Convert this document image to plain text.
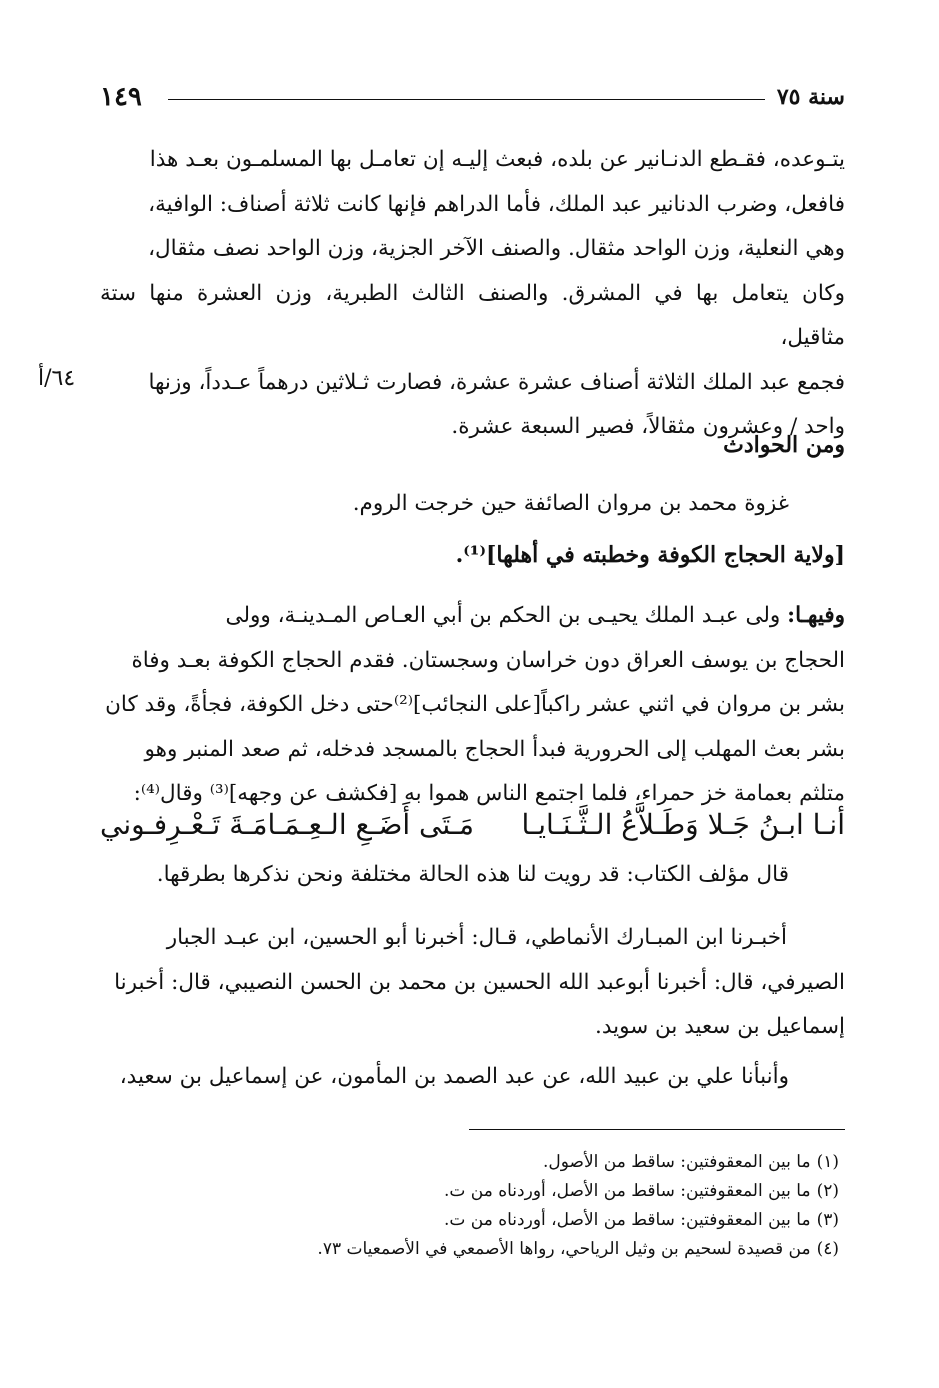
١٤٩	سنة ٧٥
يتـوعده، فقـطع الدنـانير عن بلده، فبعث إليـه إن تعامـل بها المسلمـون بعـد هذا
فافعل، وضرب الدنانير عبد الملك، فأما الدراهم فإنها كانت ثلاثة أصناف: الوافية،
وهي النعلية، وزن الواحد مثقال. والصنف الآخر الجزية، وزن الواحد نصف مثقال،
وكان يتعامل بها في المشرق. والصنف الثالث الطبرية، وزن العشرة منها ستة مثاقيل،
فجمع عبد الملك الثلاثة أصناف عشرة عشرة، فصارت ثـلاثين درهماً عـدداً، وزنها
واحد / وعشرون مثقالاً، فصير السبعة عشرة.
٦٤/أ
ومن الحوادث
غزوة محمد بن مروان الصائفة حين خرجت الروم.
[ولاية الحجاج الكوفة وخطبته في أهلها]⁽¹⁾.
وفيهـا: ولى عبـد الملك يحيـى بن الحكم بن أبي العـاص المـدينـة، وولى
الحجاج بن يوسف العراق دون خراسان وسجستان. فقدم الحجاج الكوفة بعـد وفاة
بشر بن مروان في اثني عشر راكباً[على النجائب]⁽²⁾حتى دخل الكوفة، فجأةً، وقد كان
بشر بعث المهلب إلى الحرورية فبدأ الحجاج بالمسجد فدخله، ثم صعد المنبر وهو
متلثم بعمامة خز حمراء، فلما اجتمع الناس هموا به [فكشف عن وجهه]⁽³⁾ وقال⁽⁴⁾:
أنـا ابـنُ جَـلا وَطَـلاَّعُ الـثَّـنَـايـا
مَـتَى أَضَـعِ الـعِـمَـامَـةَ تَـعْـرِفـوني
قال مؤلف الكتاب: قد رويت لنا هذه الحالة مختلفة ونحن نذكرها بطرقها.
أخبـرنا ابن المبـارك الأنماطي، قـال: أخبرنا أبو الحسين، ابن عبـد الجبار
الصيرفي، قال: أخبرنا أبوعبد الله الحسين بن محمد بن الحسن النصيبي، قال: أخبرنا
إسماعيل بن سعيد بن سويد.
وأنبأنا علي بن عبيد الله، عن عبد الصمد بن المأمون، عن إسماعيل بن سعيد،
(١)ما بين المعقوفتين: ساقط من الأصول.
(٢)ما بين المعقوفتين: ساقط من الأصل، أوردناه من ت.
(٣)ما بين المعقوفتين: ساقط من الأصل، أوردناه من ت.
(٤)من قصيدة لسحيم بن وثيل الرياحي، رواها الأصمعي في الأصمعيات ٧٣.
